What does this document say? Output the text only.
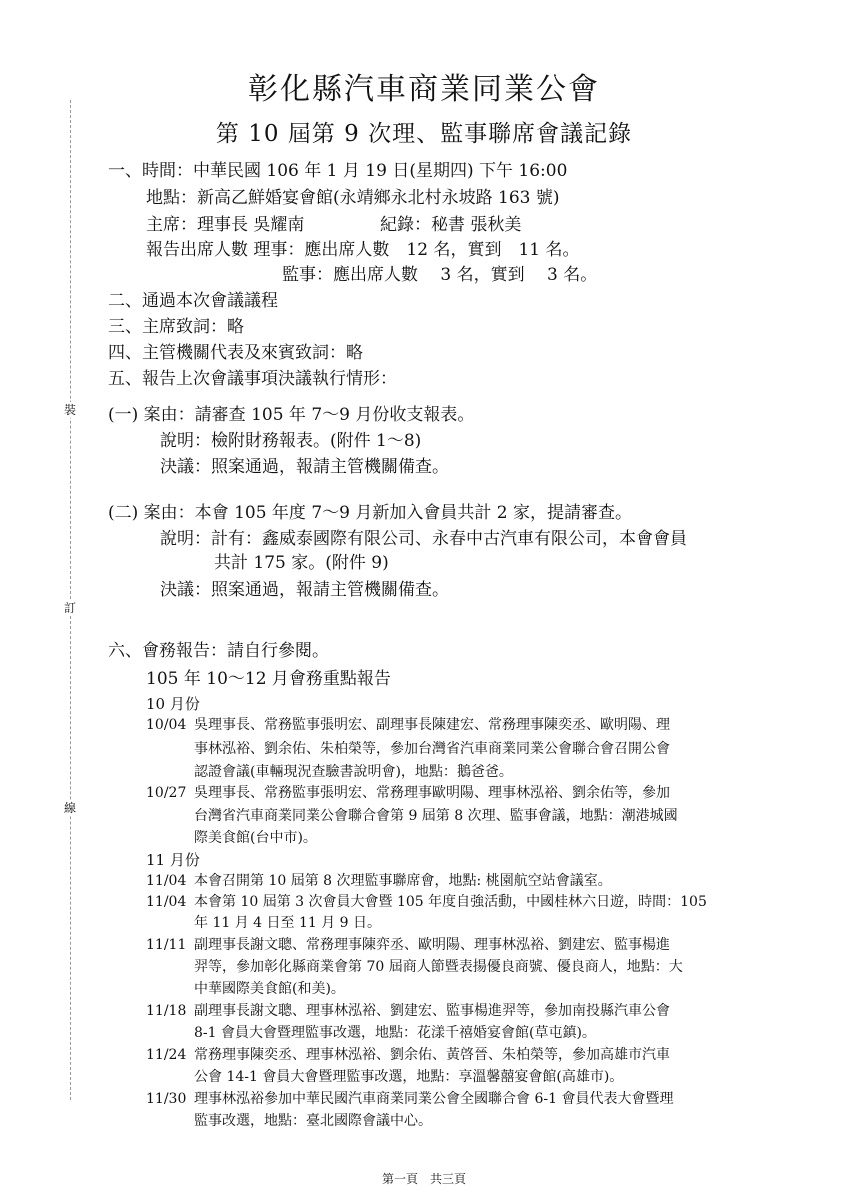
裝
訂
線
彰化縣汽車商業同業公會
第 10 屆第 9 次理、監事聯席會議記錄
一、時間：中華民國 106 年 1 月 19 日(星期四) 下午 16:00
地點：新高乙鮮婚宴會館(永靖鄉永北村永坡路 163 號)
主席：理事長 吳耀南	紀錄：秘書 張秋美
報告出席人數 理事：應出席人數　12 名，實到　11 名。
監事：應出席人數　 3 名，實到　 3 名。
二、通過本次會議議程
三、主席致詞：略
四、主管機關代表及來賓致詞：略
五、報告上次會議事項決議執行情形：
(一) 案由：請審查 105 年 7～9 月份收支報表。
說明：檢附財務報表。(附件 1～8)
決議：照案通過，報請主管機關備查。
(二) 案由：本會 105 年度 7～9 月新加入會員共計 2 家，提請審查。
說明：計有：鑫威泰國際有限公司、永春中古汽車有限公司，本會會員
共計 175 家。(附件 9)
決議：照案通過，報請主管機關備查。
六、會務報告：請自行參閱。
105 年 10～12 月會務重點報告
10 月份
10/04 吳理事長、常務監事張明宏、副理事長陳建宏、常務理事陳奕丞、歐明陽、理
事林泓裕、劉余佑、朱柏榮等，參加台灣省汽車商業同業公會聯合會召開公會
認證會議(車輛現況查驗書說明會)，地點：鵝爸爸。
10/27 吳理事長、常務監事張明宏、常務理事歐明陽、理事林泓裕、劉余佑等，參加
台灣省汽車商業同業公會聯合會第 9 屆第 8 次理、監事會議，地點：潮港城國
際美食館(台中市)。
11 月份
11/04 本會召開第 10 屆第 8 次理監事聯席會，地點: 桃園航空站會議室。
11/04 本會第 10 屆第 3 次會員大會暨 105 年度自強活動，中國桂林六日遊，時間：105
年 11 月 4 日至 11 月 9 日。
11/11 副理事長謝文聰、常務理事陳弈丞、歐明陽、理事林泓裕、劉建宏、監事楊進
羿等，參加彰化縣商業會第 70 屆商人節暨表揚優良商號、優良商人，地點：大
中華國際美食館(和美)。
11/18 副理事長謝文聰、理事林泓裕、劉建宏、監事楊進羿等，參加南投縣汽車公會
8-1 會員大會暨理監事改選，地點：花漾千禧婚宴會館(草屯鎮)。
11/24 常務理事陳奕丞、理事林泓裕、劉余佑、黃啓晉、朱柏榮等，參加高雄市汽車
公會 14-1 會員大會暨理監事改選，地點：享溫馨囍宴會館(高雄市)。
11/30 理事林泓裕參加中華民國汽車商業同業公會全國聯合會 6-1 會員代表大會暨理
監事改選，地點：臺北國際會議中心。
第一頁　共三頁
